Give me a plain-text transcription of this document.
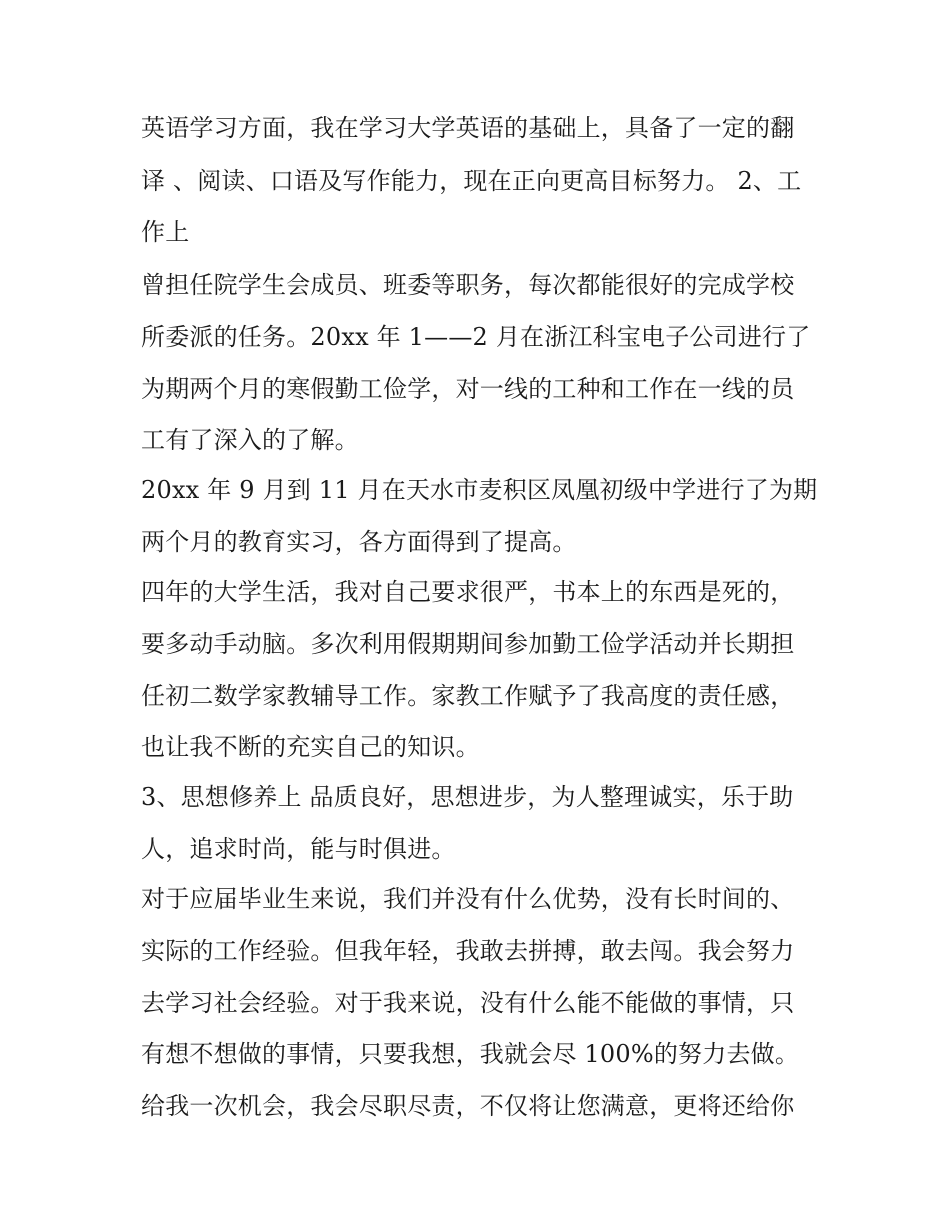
英语学习方面，我在学习大学英语的基础上，具备了一定的翻

译 、阅读、口语及写作能力，现在正向更高目标努力。 2、工

作上

曾担任院学生会成员、班委等职务，每次都能很好的完成学校

所委派的任务。20xx 年 1——2 月在浙江科宝电子公司进行了

为期两个月的寒假勤工俭学，对一线的工种和工作在一线的员

工有了深入的了解。

20xx 年 9 月到 11 月在天水市麦积区凤凰初级中学进行了为期

两个月的教育实习，各方面得到了提高。

四年的大学生活，我对自己要求很严，书本上的东西是死的，

要多动手动脑。多次利用假期期间参加勤工俭学活动并长期担

任初二数学家教辅导工作。家教工作赋予了我高度的责任感，

也让我不断的充实自己的知识。

3、思想修养上 品质良好，思想进步，为人整理诚实，乐于助

人，追求时尚，能与时俱进。

对于应届毕业生来说，我们并没有什么优势，没有长时间的、

实际的工作经验。但我年轻，我敢去拼搏，敢去闯。我会努力

去学习社会经验。对于我来说，没有什么能不能做的事情，只

有想不想做的事情，只要我想，我就会尽 100%的努力去做。

给我一次机会，我会尽职尽责，不仅将让您满意，更将还给你
